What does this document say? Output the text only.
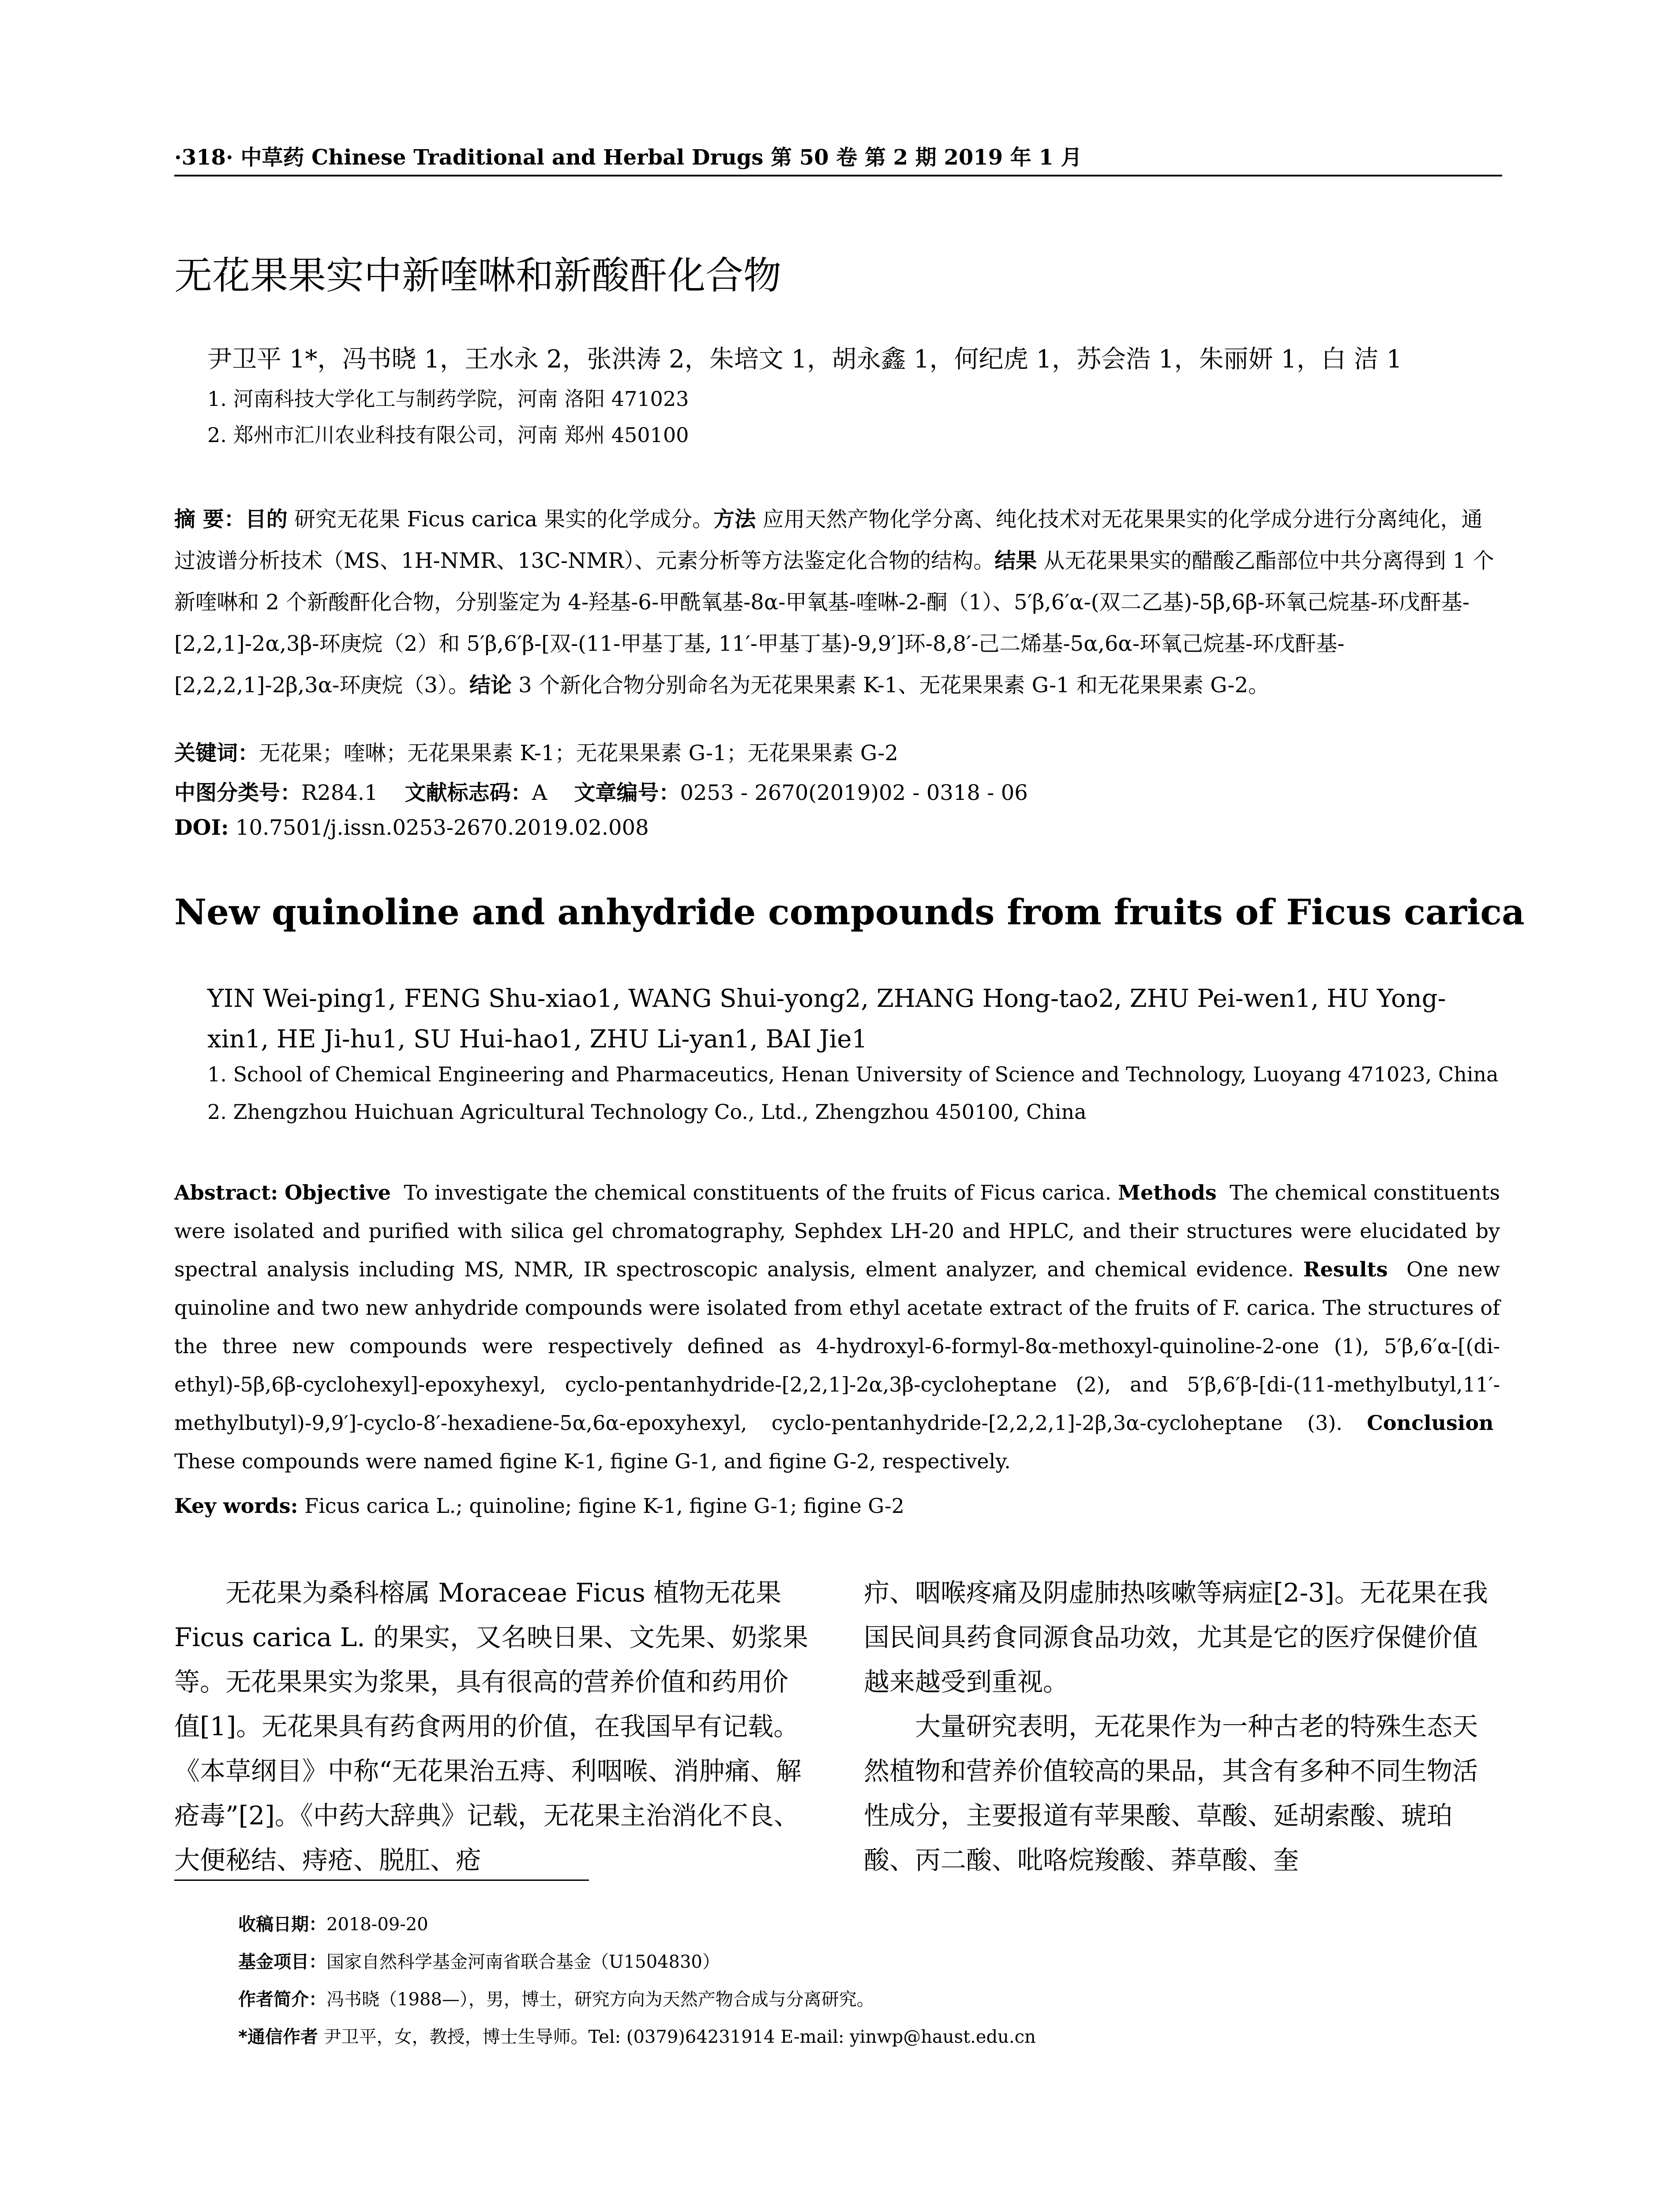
·318· 中草药 Chinese Traditional and Herbal Drugs 第 50 卷 第 2 期 2019 年 1 月
无花果果实中新喹啉和新酸酐化合物
尹卫平 1*，冯书晓 1，王水永 2，张洪涛 2，朱培文 1，胡永鑫 1，何纪虎 1，苏会浩 1，朱丽妍 1，白 洁 1
1. 河南科技大学化工与制药学院，河南 洛阳 471023
2. 郑州市汇川农业科技有限公司，河南 郑州 450100
摘 要：目的 研究无花果 Ficus carica 果实的化学成分。方法 应用天然产物化学分离、纯化技术对无花果果实的化学成分进行分离纯化，通过波谱分析技术（MS、1H-NMR、13C-NMR）、元素分析等方法鉴定化合物的结构。结果 从无花果果实的醋酸乙酯部位中共分离得到 1 个新喹啉和 2 个新酸酐化合物，分别鉴定为 4-羟基-6-甲酰氧基-8α-甲氧基-喹啉-2-酮（1）、5′β,6′α-(双二乙基)-5β,6β-环氧己烷基-环戊酐基-[2,2,1]-2α,3β-环庚烷（2）和 5′β,6′β-[双-(11-甲基丁基, 11′-甲基丁基)-9,9′]环-8,8′-己二烯基-5α,6α-环氧己烷基-环戊酐基-[2,2,2,1]-2β,3α-环庚烷（3）。结论 3 个新化合物分别命名为无花果果素 K-1、无花果果素 G-1 和无花果果素 G-2。
关键词：无花果；喹啉；无花果果素 K-1；无花果果素 G-1；无花果果素 G-2
中图分类号：R284.1 文献标志码：A 文章编号：0253 - 2670(2019)02 - 0318 - 06
DOI: 10.7501/j.issn.0253-2670.2019.02.008
New quinoline and anhydride compounds from fruits of Ficus carica
YIN Wei-ping1, FENG Shu-xiao1, WANG Shui-yong2, ZHANG Hong-tao2, ZHU Pei-wen1, HU Yong-xin1, HE Ji-hu1, SU Hui-hao1, ZHU Li-yan1, BAI Jie1
1. School of Chemical Engineering and Pharmaceutics, Henan University of Science and Technology, Luoyang 471023, China
2. Zhengzhou Huichuan Agricultural Technology Co., Ltd., Zhengzhou 450100, China
Abstract: Objective To investigate the chemical constituents of the fruits of Ficus carica. Methods The chemical constituents were isolated and purified with silica gel chromatography, Sephdex LH-20 and HPLC, and their structures were elucidated by spectral analysis including MS, NMR, IR spectroscopic analysis, elment analyzer, and chemical evidence. Results One new quinoline and two new anhydride compounds were isolated from ethyl acetate extract of the fruits of F. carica. The structures of the three new compounds were respectively defined as 4-hydroxyl-6-formyl-8α-methoxyl-quinoline-2-one (1), 5′β,6′α-[(di-ethyl)-5β,6β-cyclohexyl]-epoxyhexyl, cyclo-pentanhydride-[2,2,1]-2α,3β-cycloheptane (2), and 5′β,6′β-[di-(11-methylbutyl,11′-methylbutyl)-9,9′]-cyclo-8′-hexadiene-5α,6α-epoxyhexyl, cyclo-pentanhydride-[2,2,2,1]-2β,3α-cycloheptane (3). Conclusion  These compounds were named figine K-1, figine G-1, and figine G-2, respectively.
Key words: Ficus carica L.; quinoline; figine K-1, figine G-1; figine G-2

无花果为桑科榕属 Moraceae Ficus 植物无花果 Ficus carica L. 的果实，又名映日果、文先果、奶浆果等。无花果果实为浆果，具有很高的营养价值和药用价值[1]。无花果具有药食两用的价值，在我国早有记载。《本草纲目》中称“无花果治五痔、利咽喉、消肿痛、解疮毒”[2]。《中药大辞典》记载，无花果主治消化不良、大便秘结、痔疮、脱肛、疮

疖、咽喉疼痛及阴虚肺热咳嗽等病症[2-3]。无花果在我国民间具药食同源食品功效，尤其是它的医疗保健价值越来越受到重视。

大量研究表明，无花果作为一种古老的特殊生态天然植物和营养价值较高的果品，其含有多种不同生物活性成分，主要报道有苹果酸、草酸、延胡索酸、琥珀酸、丙二酸、吡咯烷羧酸、莽草酸、奎

收稿日期：2018-09-20
基金项目：国家自然科学基金河南省联合基金（U1504830）
作者简介：冯书晓（1988—），男，博士，研究方向为天然产物合成与分离研究。
*通信作者 尹卫平，女，教授，博士生导师。Tel: (0379)64231914 E-mail: yinwp@haust.edu.cn
